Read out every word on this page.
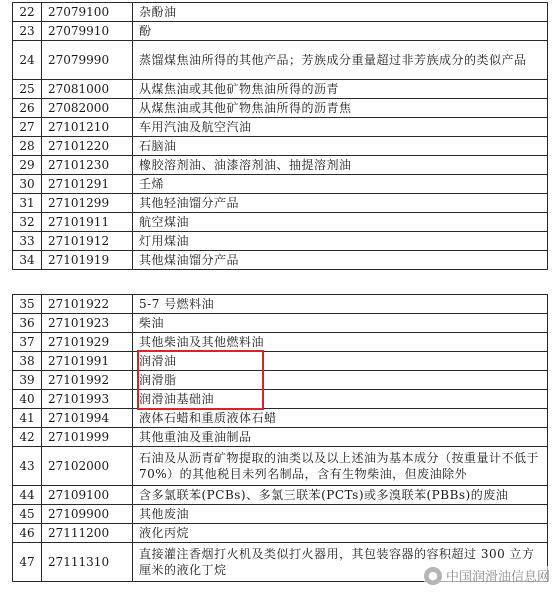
22	27079100	杂酚油
23	27079910	酚
24	27079990	蒸馏煤焦油所得的其他产品；芳族成分重量超过非芳族成分的类似产品
25	27081000	从煤焦油或其他矿物焦油所得的沥青
26	27082000	从煤焦油或其他矿物焦油所得的沥青焦
27	27101210	车用汽油及航空汽油
28	27101220	石脑油
29	27101230	橡胶溶剂油、油漆溶剂油、抽提溶剂油
30	27101291	壬烯
31	27101299	其他轻油馏分产品
32	27101911	航空煤油
33	27101912	灯用煤油
34	27101919	其他煤油馏分产品
35	27101922	5-7 号燃料油
36	27101923	柴油
37	27101929	其他柴油及其他燃料油
38	27101991	润滑油
39	27101992	润滑脂
40	27101993	润滑油基础油
41	27101994	液体石蜡和重质液体石蜡
42	27101999	其他重油及重油制品
43	27102000	石油及从沥青矿物提取的油类以及以上述油为基本成分（按重量计不低于 70%）的其他税目未列名制品，含有生物柴油，但废油除外
44	27109100	含多氯联苯(PCBs)、多氯三联苯(PCTs)或多溴联苯(PBBs)的废油
45	27109900	其他废油
46	27111200	液化丙烷
47	27111310	直接灌注香烟打火机及类似打火器用，其包装容器的容积超过 300 立方厘米的液化丁烷	● 中国润滑油信息网
